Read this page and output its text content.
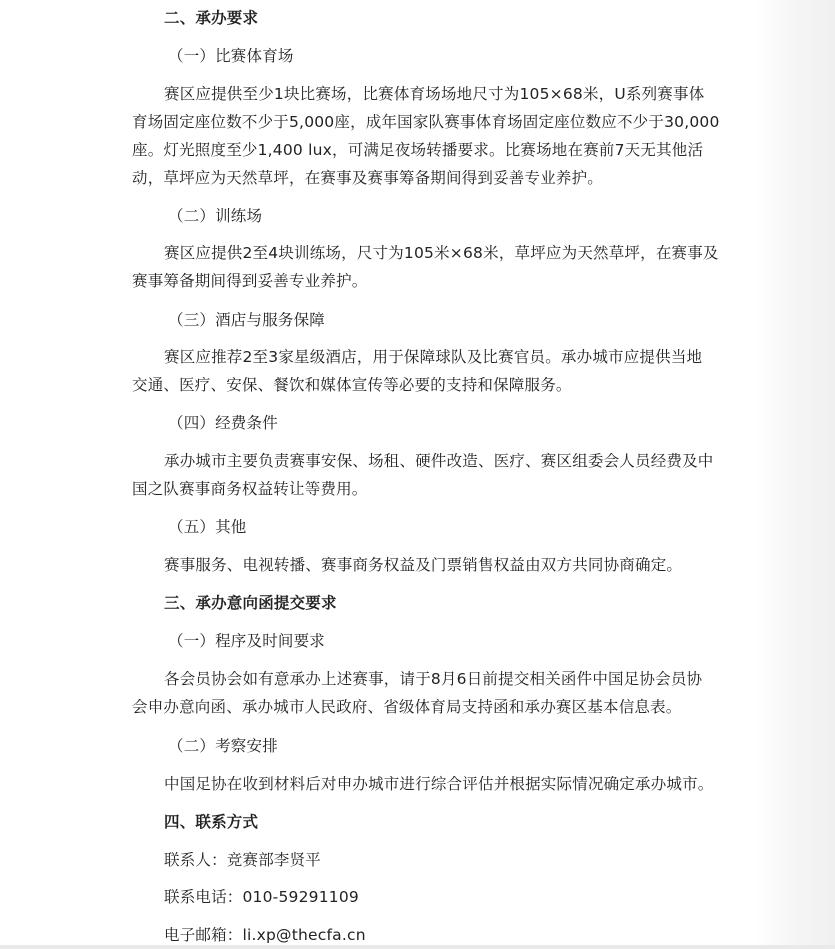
二、承办要求
（一）比赛体育场
赛区应提供至少1块比赛场，比赛体育场场地尺寸为105×68米，U系列赛事体
育场固定座位数不少于5,000座，成年国家队赛事体育场固定座位数应不少于30,000
座。灯光照度至少1,400 lux，可满足夜场转播要求。比赛场地在赛前7天无其他活
动，草坪应为天然草坪，在赛事及赛事筹备期间得到妥善专业养护。
（二）训练场
赛区应提供2至4块训练场，尺寸为105米×68米，草坪应为天然草坪，在赛事及
赛事筹备期间得到妥善专业养护。
（三）酒店与服务保障
赛区应推荐2至3家星级酒店，用于保障球队及比赛官员。承办城市应提供当地
交通、医疗、安保、餐饮和媒体宣传等必要的支持和保障服务。
（四）经费条件
承办城市主要负责赛事安保、场租、硬件改造、医疗、赛区组委会人员经费及中
国之队赛事商务权益转让等费用。
（五）其他
赛事服务、电视转播、赛事商务权益及门票销售权益由双方共同协商确定。
三、承办意向函提交要求
（一）程序及时间要求
各会员协会如有意承办上述赛事，请于8月6日前提交相关函件中国足协会员协
会申办意向函、承办城市人民政府、省级体育局支持函和承办赛区基本信息表。
（二）考察安排
中国足协在收到材料后对申办城市进行综合评估并根据实际情况确定承办城市。
四、联系方式
联系人：竞赛部李贤平
联系电话：010-59291109
电子邮箱：li.xp@thecfa.cn
